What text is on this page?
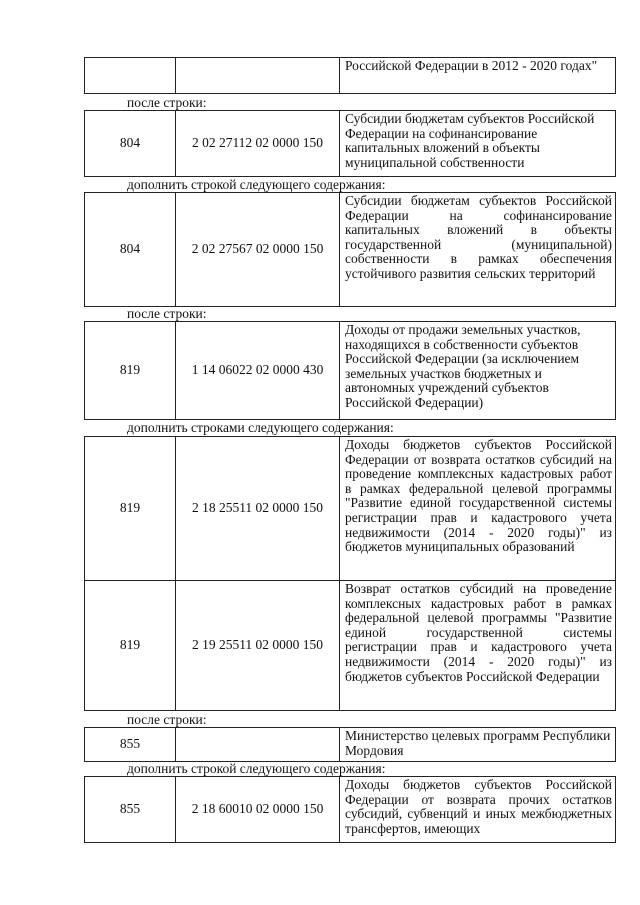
		Российской Федерации в 2012 - 2020 годах"
после строки:
804	2 02 27112 02 0000 150	Субсидии бюджетам субъектов Российской Федерации на софинансирование капитальных вложений в объекты муниципальной собственности
дополнить строкой следующего содержания:
804	2 02 27567 02 0000 150	Субсидии бюджетам субъектов Российской Федерации на софинансирование капитальных вложений в объекты государственной (муниципальной) собственности в рамках обеспечения устойчивого развития сельских территорий
после строки:
819	1 14 06022 02 0000 430	Доходы от продажи земельных участков, находящихся в собственности субъектов Российской Федерации (за исключением земельных участков бюджетных и автономных учреждений субъектов Российской Федерации)
дополнить строками следующего содержания:
819	2 18 25511 02 0000 150	Доходы бюджетов субъектов Российской Федерации от возврата остатков субсидий на проведение комплексных кадастровых работ в рамках федеральной целевой программы "Развитие единой государственной системы регистрации прав и кадастрового учета недвижимости (2014 - 2020 годы)" из бюджетов муниципальных образований
819	2 19 25511 02 0000 150	Возврат остатков субсидий на проведение комплексных кадастровых работ в рамках федеральной целевой программы "Развитие единой государственной системы регистрации прав и кадастрового учета недвижимости (2014 - 2020 годы)" из бюджетов субъектов Российской Федерации
после строки:
855		Министерство целевых программ Республики Мордовия
дополнить строкой следующего содержания:
855	2 18 60010 02 0000 150	Доходы бюджетов субъектов Российской Федерации от возврата прочих остатков субсидий, субвенций и иных межбюджетных трансфертов, имеющих
